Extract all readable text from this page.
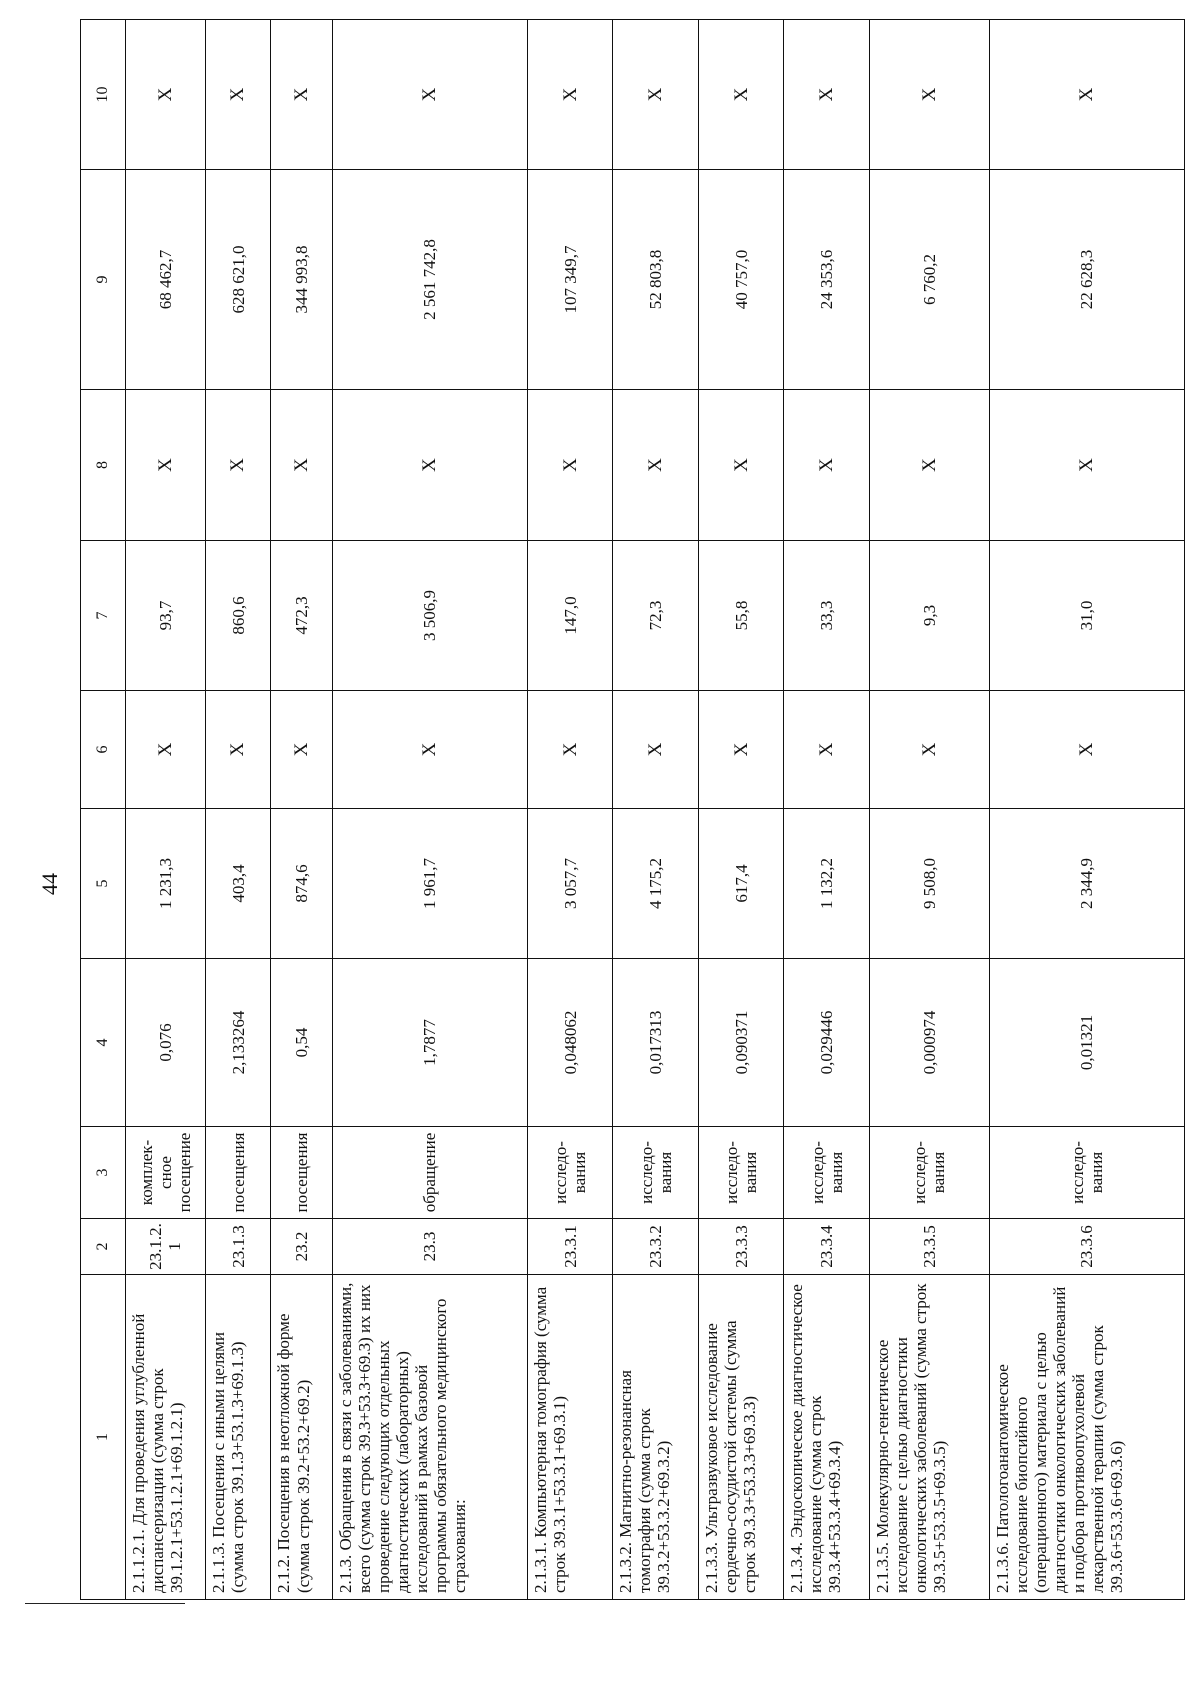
44
1	2	3	4	5	6	7	8	9	10
2.1.1.2.1. Для проведения углубленной диспансеризации (сумма строк 39.1.2.1+53.1.2.1+69.1.2.1)	23.1.2.1	комплек-сное посещение	0,076	1 231,3	X	93,7	X	68 462,7	X
2.1.1.3. Посещения с иными целями (сумма строк 39.1.3+53.1.3+69.1.3)	23.1.3	посещения	2,133264	403,4	X	860,6	X	628 621,0	X
2.1.2. Посещения в неотложной форме (сумма строк 39.2+53.2+69.2)	23.2	посещения	0,54	874,6	X	472,3	X	344 993,8	X
2.1.3. Обращения в связи с заболеваниями, всего (сумма строк 39.3+53.3+69.3) их них проведение следующих отдельных диагностических (лабораторных) исследований в рамках базовой программы обязательного медицинского страхования:	23.3	обращение	1,7877	1 961,7	X	3 506,9	X	2 561 742,8	X
2.1.3.1. Компьютерная томография (сумма строк 39.3.1+53.3.1+69.3.1)	23.3.1	исследо-вания	0,048062	3 057,7	X	147,0	X	107 349,7	X
2.1.3.2. Магнитно-резонансная томография (сумма строк 39.3.2+53.3.2+69.3.2)	23.3.2	исследо-вания	0,017313	4 175,2	X	72,3	X	52 803,8	X
2.1.3.3. Ультразвуковое исследование сердечно-сосудистой системы (сумма строк 39.3.3+53.3.3+69.3.3)	23.3.3	исследо-вания	0,090371	617,4	X	55,8	X	40 757,0	X
2.1.3.4. Эндоскопическое диагностическое исследование (сумма строк 39.3.4+53.3.4+69.3.4)	23.3.4	исследо-вания	0,029446	1 132,2	X	33,3	X	24 353,6	X
2.1.3.5. Молекулярно-генетическое исследование с целью диагностики онкологических заболеваний (сумма строк 39.3.5+53.3.5+69.3.5)	23.3.5	исследо-вания	0,000974	9 508,0	X	9,3	X	6 760,2	X
2.1.3.6. Патологоанатомическое исследование биопсийного (операционного) материала с целью диагностики онкологических заболеваний и подбора противоопухолевой лекарственной терапии (сумма строк 39.3.6+53.3.6+69.3.6)	23.3.6	исследо-вания	0,01321	2 344,9	X	31,0	X	22 628,3	X
